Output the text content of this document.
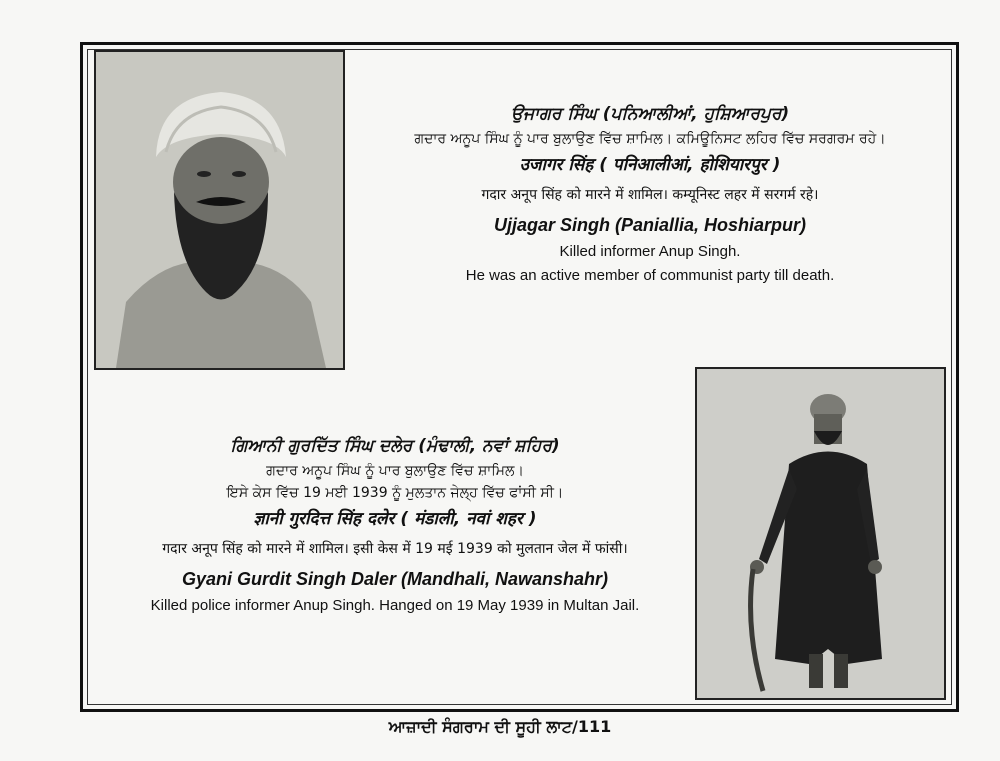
ਉਜਾਗਰ ਸਿੰਘ (ਪਨਿਆਲੀਆਂ, ਹੁਸ਼ਿਆਰਪੁਰ)

ਗਦਾਰ ਅਨੂਪ ਸਿੰਘ ਨੂੰ ਪਾਰ ਬੁਲਾਉਣ ਵਿੱਚ ਸ਼ਾਮਿਲ। ਕਮਿਊਨਿਸਟ ਲਹਿਰ ਵਿੱਚ ਸਰਗਰਮ ਰਹੇ।

उजागर सिंह ( पनिआलीआं, होशियारपुर )

गदार अनूप सिंह को मारने में शामिल। कम्यूनिस्ट लहर में सरगर्म रहे।

Ujjagar Singh (Paniallia, Hoshiarpur)

Killed informer Anup Singh.

He was an active member of communist party till death.

ਗਿਆਨੀ ਗੁਰਦਿੱਤ ਸਿੰਘ ਦਲੇਰ (ਮੰਢਾਲੀ, ਨਵਾਂ ਸ਼ਹਿਰ)

ਗਦਾਰ ਅਨੂਪ ਸਿੰਘ ਨੂੰ ਪਾਰ ਬੁਲਾਉਣ ਵਿੱਚ ਸ਼ਾਮਿਲ।

ਇਸੇ ਕੇਸ ਵਿੱਚ 19 ਮਈ 1939 ਨੂੰ ਮੁਲਤਾਨ ਜੇਲ੍ਹ ਵਿੱਚ ਫਾਂਸੀ ਸੀ।

ज्ञानी गुरदित्त सिंह दलेर ( मंडाली, नवां शहर )

गदार अनूप सिंह को मारने में शामिल। इसी केस में 19 मई 1939 को मुलतान जेल में फांसी।

Gyani Gurdit Singh Daler (Mandhali, Nawanshahr)

Killed police informer Anup Singh. Hanged on 19 May 1939 in Multan Jail.

ਆਜ਼ਾਦੀ ਸੰਗਰਾਮ ਦੀ ਸੂਹੀ ਲਾਟ/111
